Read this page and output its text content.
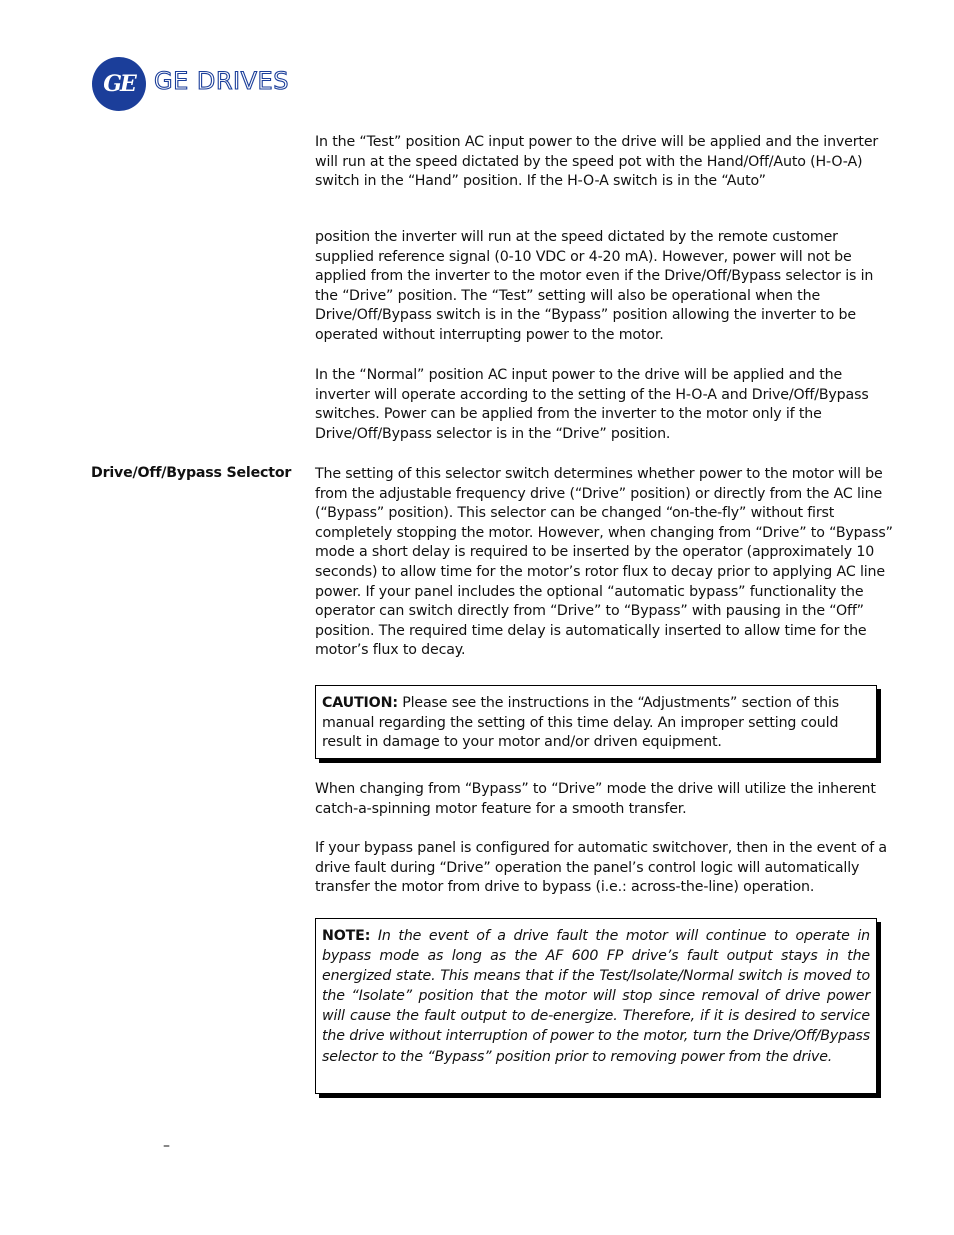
GE GE DRIVES

In the “Test” position AC input power to the drive will be applied and the inverter will run at the speed dictated by the speed pot with the Hand/Off/Auto (H-O-A) switch in the “Hand” position. If the H-O-A switch is in the “Auto”

position the inverter will run at the speed dictated by the remote customer supplied reference signal (0-10 VDC or 4-20 mA). However, power will not be applied from the inverter to the motor even if the Drive/Off/Bypass selector is in the “Drive” position. The “Test” setting will also be operational when the Drive/Off/Bypass switch is in the “Bypass” position allowing the inverter to be operated without interrupting power to the motor.

In the “Normal” position AC input power to the drive will be applied and the inverter will operate according to the setting of the H-O-A and Drive/Off/Bypass switches. Power can be applied from the inverter to the motor only if the Drive/Off/Bypass selector is in the “Drive” position.

Drive/Off/Bypass Selector The setting of this selector switch determines whether power to the motor will be from the adjustable frequency drive (“Drive” position) or directly from the AC line (“Bypass” position). This selector can be changed “on-the-fly” without first completely stopping the motor. However, when changing from “Drive” to “Bypass” mode a short delay is required to be inserted by the operator (approximately 10 seconds) to allow time for the motor’s rotor flux to decay prior to applying AC line power. If your panel includes the optional “automatic bypass” functionality the operator can switch directly from “Drive” to “Bypass” with pausing in the “Off” position. The required time delay is automatically inserted to allow time for the motor’s flux to decay.

CAUTION: Please see the instructions in the “Adjustments” section of this manual regarding the setting of this time delay. An improper setting could result in damage to your motor and/or driven equipment.

When changing from “Bypass” to “Drive” mode the drive will utilize the inherent catch-a-spinning motor feature for a smooth transfer.

If your bypass panel is configured for automatic switchover, then in the event of a drive fault during “Drive” operation the panel’s control logic will automatically transfer the motor from drive to bypass (i.e.: across-the-line) operation.

NOTE: In the event of a drive fault the motor will continue to operate in bypass mode as long as the AF 600 FP drive’s fault output stays in the energized state. This means that if the Test/Isolate/Normal switch is moved to the “Isolate” position that the motor will stop since removal of drive power will cause the fault output to de-energize. Therefore, if it is desired to service the drive without interruption of power to the motor, turn the Drive/Off/Bypass selector to the “Bypass” position prior to removing power from the drive.

–
